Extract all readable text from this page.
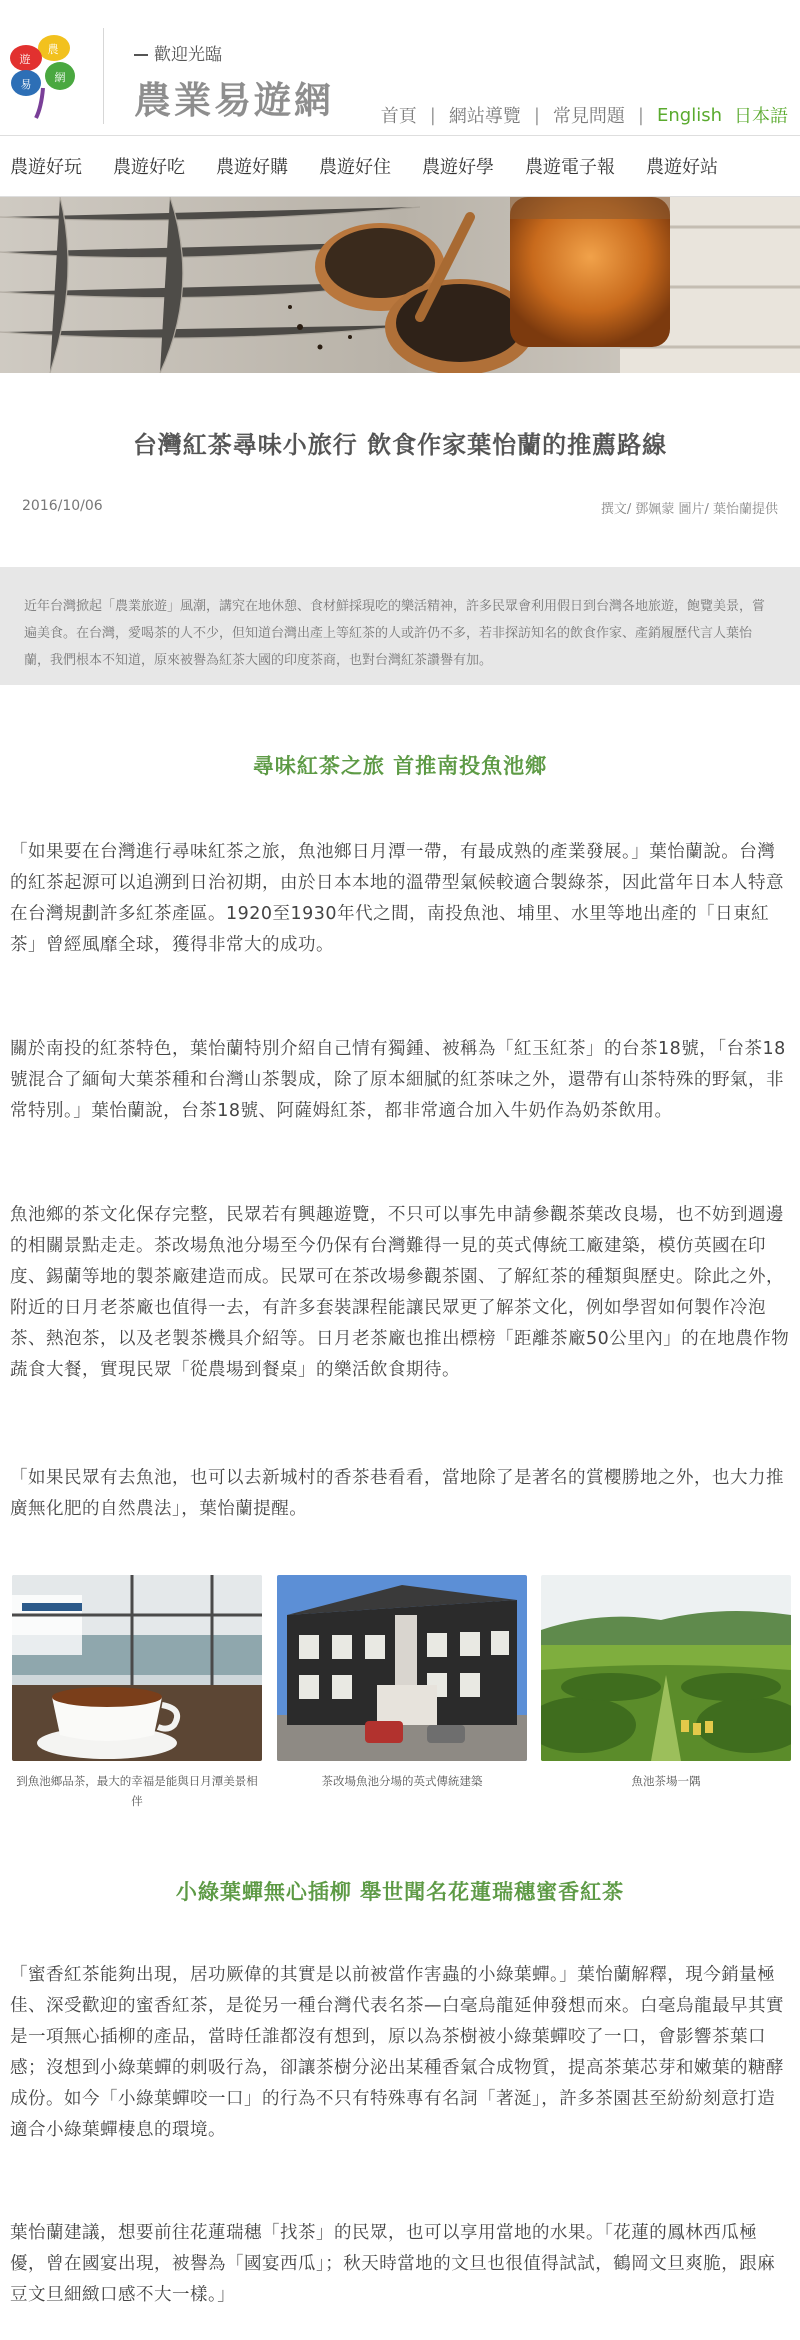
農
遊
易
網
歡迎光臨
農業易遊網	首頁 | 網站導覽 | 常見問題 | English 日本語
農遊好玩 農遊好吃 農遊好購 農遊好住 農遊好學 農遊電子報 農遊好站
台灣紅茶尋味小旅行 飲食作家葉怡蘭的推薦路線
2016/10/06	撰文/ 鄧姵蒙 圖片/ 葉怡蘭提供
近年台灣掀起「農業旅遊」風潮，講究在地休憩、食材鮮採現吃的樂活精神，許多民眾會利用假日到台灣各地旅遊，飽覽美景，嘗遍美食。在台灣，愛喝茶的人不少，但知道台灣出產上等紅茶的人或許仍不多，若非探訪知名的飲食作家、產銷履歷代言人葉怡蘭，我們根本不知道，原來被譽為紅茶大國的印度茶商，也對台灣紅茶讚譽有加。
尋味紅茶之旅 首推南投魚池鄉

「如果要在台灣進行尋味紅茶之旅，魚池鄉日月潭一帶，有最成熟的產業發展。」葉怡蘭說。台灣的紅茶起源可以追溯到日治初期，由於日本本地的溫帶型氣候較適合製綠茶，因此當年日本人特意在台灣規劃許多紅茶產區。1920至1930年代之間，南投魚池、埔里、水里等地出產的「日東紅茶」曾經風靡全球，獲得非常大的成功。

關於南投的紅茶特色，葉怡蘭特別介紹自己情有獨鍾、被稱為「紅玉紅茶」的台茶18號，「台茶18號混合了緬甸大葉茶種和台灣山茶製成，除了原本細膩的紅茶味之外，還帶有山茶特殊的野氣，非常特別。」葉怡蘭說，台茶18號、阿薩姆紅茶，都非常適合加入牛奶作為奶茶飲用。

魚池鄉的茶文化保存完整，民眾若有興趣遊覽，不只可以事先申請參觀茶葉改良場，也不妨到週邊的相關景點走走。茶改場魚池分場至今仍保有台灣難得一見的英式傳統工廠建築，模仿英國在印度、錫蘭等地的製茶廠建造而成。民眾可在茶改場參觀茶園、了解紅茶的種類與歷史。除此之外，附近的日月老茶廠也值得一去，有許多套裝課程能讓民眾更了解茶文化，例如學習如何製作冷泡茶、熱泡茶，以及老製茶機具介紹等。日月老茶廠也推出標榜「距離茶廠50公里內」的在地農作物蔬食大餐，實現民眾「從農場到餐桌」的樂活飲食期待。

「如果民眾有去魚池，也可以去新城村的香茶巷看看，當地除了是著名的賞櫻勝地之外，也大力推廣無化肥的自然農法」，葉怡蘭提醒。

到魚池鄉品茶，最大的幸福是能與日月潭美景相伴
茶改場魚池分場的英式傳統建築	魚池茶場一隅
小綠葉蟬無心插柳 舉世聞名花蓮瑞穗蜜香紅茶

「蜜香紅茶能夠出現，居功厥偉的其實是以前被當作害蟲的小綠葉蟬。」葉怡蘭解釋，現今銷量極佳、深受歡迎的蜜香紅茶，是從另一種台灣代表名茶—白毫烏龍延伸發想而來。白毫烏龍最早其實是一項無心插柳的產品，當時任誰都沒有想到，原以為茶樹被小綠葉蟬咬了一口，會影響茶葉口感；沒想到小綠葉蟬的刺吸行為，卻讓茶樹分泌出某種香氣合成物質，提高茶葉芯芽和嫩葉的糖酵成份。如今「小綠葉蟬咬一口」的行為不只有特殊專有名詞「著涎」，許多茶園甚至紛紛刻意打造適合小綠葉蟬棲息的環境。

葉怡蘭建議，想要前往花蓮瑞穗「找茶」的民眾，也可以享用當地的水果。「花蓮的鳳林西瓜極優，曾在國宴出現，被譽為「國宴西瓜」；秋天時當地的文旦也很值得試試，鶴岡文旦爽脆，跟麻豆文旦細緻口感不大一樣。」
